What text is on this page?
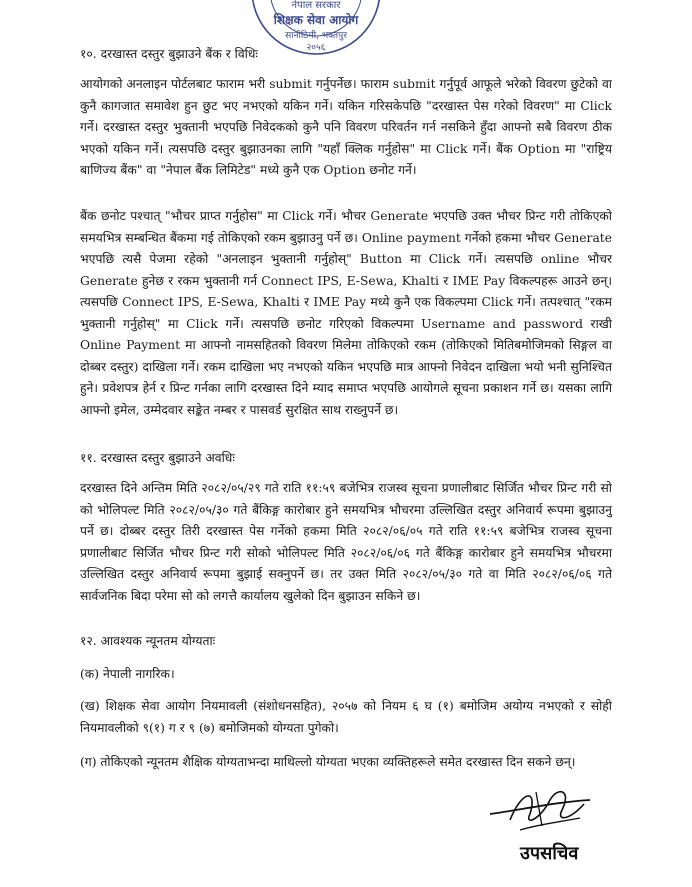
नेपाल सरकार
शिक्षक सेवा आयोग
सानोठिमी, भक्तपुर
२०५६

१०. दरखास्त दस्तुर बुझाउने बैंक र विधिः

आयोगको अनलाइन पोर्टलबाट फाराम भरी submit गर्नुपर्नेछ। फाराम submit गर्नुपूर्व आफूले भरेको विवरण छुटेको वा कुनै कागजात समावेश हुन छुट भए नभएको यकिन गर्ने। यकिन गरिसकेपछि "दरखास्त पेस गरेको विवरण" मा Click गर्ने। दरखास्त दस्तुर भुक्तानी भएपछि निवेदकको कुनै पनि विवरण परिवर्तन गर्न नसकिने हुँदा आफ्नो सबै विवरण ठीक भएको यकिन गर्ने। त्यसपछि दस्तुर बुझाउनका लागि "यहाँ क्लिक गर्नुहोस" मा Click गर्ने। बैंक Option मा "राष्ट्रिय बाणिज्य बैंक" वा "नेपाल बैंक लिमिटेड" मध्ये कुनै एक Option छनोट गर्ने।

बैंक छनोट पश्चात् "भौचर प्राप्त गर्नुहोस" मा Click गर्ने। भौचर Generate भएपछि उक्त भौचर प्रिन्ट गरी तोकिएको समयभित्र सम्बन्धित बैंकमा गई तोकिएको रकम बुझाउनु पर्ने छ। Online payment गर्नेको हकमा भौचर Generate भएपछि त्यसै पेजमा रहेको "अनलाइन भुक्तानी गर्नुहोस्" Button मा Click गर्ने। त्यसपछि online भौचर Generate हुनेछ र रकम भुक्तानी गर्न Connect IPS, E-Sewa, Khalti र IME Pay विकल्पहरू आउने छन्। त्यसपछि Connect IPS, E-Sewa, Khalti र IME Pay मध्ये कुनै एक विकल्पमा Click गर्ने। तत्पश्चात् "रकम भुक्तानी गर्नुहोस्" मा Click गर्ने। त्यसपछि छनोट गरिएको विकल्पमा Username and password राखी Online Payment मा आफ्नो नामसहितको विवरण मिलेमा तोकिएको रकम (तोकिएको मितिबमोजिमको सिङ्गल वा दोब्बर दस्तुर) दाखिला गर्ने। रकम दाखिला भए नभएको यकिन भएपछि मात्र आफ्नो निवेदन दाखिला भयो भनी सुनिश्चित हुने। प्रवेशपत्र हेर्न र प्रिन्ट गर्नका लागि दरखास्त दिने म्याद समाप्त भएपछि आयोगले सूचना प्रकाशन गर्ने छ। यसका लागि आफ्नो इमेल, उम्मेदवार सङ्केत नम्बर र पासवर्ड सुरक्षित साथ राख्नुपर्ने छ।

११. दरखास्त दस्तुर बुझाउने अवधिः

दरखास्त दिने अन्तिम मिति २०८२/०५/२९ गते राति ११:५९ बजेभित्र राजस्व सूचना प्रणालीबाट सिर्जित भौचर प्रिन्ट गरी सो को भोलिपल्ट मिति २०८२/०५/३० गते बैंकिङ्ग कारोबार हुने समयभित्र भौचरमा उल्लिखित दस्तुर अनिवार्य रूपमा बुझाउनु पर्ने छ। दोब्बर दस्तुर तिरी दरखास्त पेस गर्नेको हकमा मिति २०८२/०६/०५ गते राति ११:५९ बजेभित्र राजस्व सूचना प्रणालीबाट सिर्जित भौचर प्रिन्ट गरी सोको भोलिपल्ट मिति २०८२/०६/०६ गते बैंकिङ्ग कारोबार हुने समयभित्र भौचरमा उल्लिखित दस्तुर अनिवार्य रूपमा बुझाई सक्नुपर्ने छ। तर उक्त मिति २०८२/०५/३० गते वा मिति २०८२/०६/०६ गते सार्वजनिक बिदा परेमा सो को लगत्तै कार्यालय खुलेको दिन बुझाउन सकिने छ।

१२. आवश्यक न्यूनतम योग्यताः

(क) नेपाली नागरिक।

(ख) शिक्षक सेवा आयोग नियमावली (संशोधनसहित), २०५७ को नियम ६ घ (१) बमोजिम अयोग्य नभएको र सोही नियमावलीको ९(१) ग र ९ (७) बमोजिमको योग्यता पुगेको।

(ग) तोकिएको न्यूनतम शैक्षिक योग्यताभन्दा माथिल्लो योग्यता भएका व्यक्तिहरूले समेत दरखास्त दिन सकने छन्।

उपसचिव
